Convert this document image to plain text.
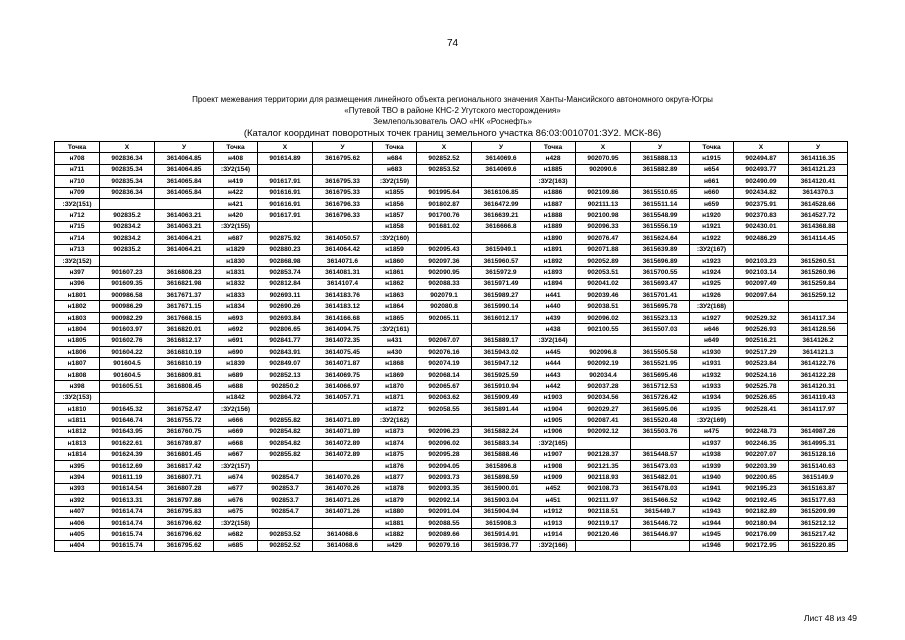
74
Проект межевания территории для размещения линейного объекта регионального значения Ханты-Мансийского автономного округа-Югры
«Путевой ТВО в районе КНС-2 Угутского месторождения»
Землепользователь ОАО «НК «Роснефть»
(Каталог координат поворотных точек границ земельного участка 86:03:0010701:ЗУ2. МСК-86)
Точка	Х	У	Точка	Х	У	Точка	Х	У	Точка	Х	У	Точка	Х	У
н708	902836.34	3614064.85	н408	901614.89	3616795.62	н684	902852.52	3614069.6	н428	902070.95	3615888.13	н1915	902494.87	3614116.35
н711	902835.34	3614064.85	:ЗУ2(154)			н683	902853.52	3614069.6	н1885	902090.6	3615882.89	н654	902493.77	3614121.23
н710	902835.34	3614065.84	н419	901617.91	3616795.33	:ЗУ2(159)			:ЗУ2(163)			н661	902490.09	3614120.41
н709	902836.34	3614065.84	н422	901616.91	3616795.33	н1855	901995.64	3616106.85	н1886	902109.86	3615510.65	н660	902434.82	3614370.3
:ЗУ2(151)			н421	901616.91	3616796.33	н1856	901802.87	3616472.99	н1887	902111.13	3615511.14	н659	902375.91	3614528.66
н712	902835.2	3614063.21	н420	901617.91	3616796.33	н1857	901700.76	3616639.21	н1888	902100.98	3615548.99	н1920	902370.83	3614527.72
н715	902834.2	3614063.21	:ЗУ2(155)			н1858	901681.02	3616666.8	н1889	902096.33	3615556.19	н1921	902430.01	3614368.88
н714	902834.2	3614064.21	н687	902875.92	3614050.57	:ЗУ2(160)			н1890	902076.47	3615624.64	н1922	902486.29	3614114.45
н713	902835.2	3614064.21	н1829	902880.23	3614064.42	н1859	902095.43	3615949.1	н1891	902071.88	3615639.89	:ЗУ2(167)		
:ЗУ2(152)			н1830	902868.98	3614071.6	н1860	902097.36	3615960.57	н1892	902052.89	3615696.89	н1923	902103.23	3615260.51
н397	901607.23	3616808.23	н1831	902853.74	3614081.31	н1861	902090.95	3615972.9	н1893	902053.51	3615700.55	н1924	902103.14	3615260.96
н396	901609.35	3616821.98	н1832	902812.84	3614107.4	н1862	902088.33	3615971.49	н1894	902041.02	3615693.47	н1925	902097.49	3615259.84
н1801	900986.58	3617671.37	н1833	902693.11	3614183.76	н1863	902079.1	3615989.27	н441	902039.46	3615701.41	н1926	902097.64	3615259.12
н1802	900986.29	3617671.15	н1834	902690.26	3614183.12	н1864	902080.8	3615990.14	н440	902038.51	3615695.78	:ЗУ2(168)		
н1803	900982.29	3617668.15	н693	902693.84	3614166.68	н1865	902065.11	3616012.17	н439	902096.02	3615523.13	н1927	902529.32	3614117.34
н1804	901603.97	3616820.01	н692	902806.65	3614094.75	:ЗУ2(161)			н438	902100.55	3615507.03	н646	902526.93	3614128.56
н1805	901602.76	3616812.17	н691	902841.77	3614072.35	н431	902067.07	3615889.17	:ЗУ2(164)			н649	902516.21	3614126.2
н1806	901604.22	3616810.19	н690	902843.91	3614075.45	н430	902076.16	3615943.02	н445	902096.8	3615505.58	н1930	902517.29	3614121.3
н1807	901604.5	3616810.19	н1839	902849.07	3614071.87	н1868	902074.19	3615947.12	н444	902092.19	3615521.95	н1931	902523.84	3614122.76
н1808	901604.5	3616809.81	н689	902852.13	3614069.75	н1869	902068.14	3615925.59	н443	902034.4	3615695.46	н1932	902524.16	3614122.28
н398	901605.51	3616808.45	н688	902850.2	3614066.97	н1870	902065.67	3615910.94	н442	902037.28	3615712.53	н1933	902525.78	3614120.31
:ЗУ2(153)			н1842	902864.72	3614057.71	н1871	902063.62	3615909.49	н1903	902034.56	3615726.42	н1934	902526.65	3614119.43
н1810	901645.32	3616752.47	:ЗУ2(156)			н1872	902058.55	3615891.44	н1904	902029.27	3615695.06	н1935	902528.41	3614117.97
н1811	901646.74	3616755.72	н666	902855.82	3614071.89	:ЗУ2(162)			н1905	902087.41	3615520.48	:ЗУ2(169)		
н1812	901643.95	3616760.75	н669	902854.82	3614071.89	н1873	902096.23	3615882.24	н1906	902092.12	3615503.76	н475	902248.73	3614987.26
н1813	901622.61	3616789.87	н668	902854.82	3614072.89	н1874	902096.02	3615883.34	:ЗУ2(165)			н1937	902246.35	3614995.31
н1814	901624.39	3616801.45	н667	902855.82	3614072.89	н1875	902095.28	3615888.46	н1907	902128.37	3615448.57	н1938	902207.07	3615128.16
н395	901612.69	3616817.42	:ЗУ2(157)			н1876	902094.05	3615896.8	н1908	902121.35	3615473.03	н1939	902203.39	3615140.63
н394	901611.19	3616807.71	н674	902854.7	3614070.26	н1877	902093.73	3615898.59	н1909	902118.93	3615482.01	н1940	902200.65	3615149.9
н393	901614.54	3616807.28	н677	902853.7	3614070.26	н1878	902093.35	3615900.01	н452	902108.73	3615478.03	н1941	902195.23	3615163.87
н392	901613.31	3616797.86	н676	902853.7	3614071.26	н1879	902092.14	3615903.04	н451	902111.97	3615466.52	н1942	902192.45	3615177.63
н407	901614.74	3616795.83	н675	902854.7	3614071.26	н1880	902091.04	3615904.94	н1912	902118.51	3615449.7	н1943	902182.89	3615209.99
н406	901614.74	3616796.62	:ЗУ2(158)			н1881	902088.55	3615908.3	н1913	902119.17	3615446.72	н1944	902180.94	3615212.12
н405	901615.74	3616796.62	н682	902853.52	3614068.6	н1882	902089.66	3615914.91	н1914	902120.46	3615446.97	н1945	902176.09	3615217.42
н404	901615.74	3616795.62	н685	902852.52	3614068.6	н429	902079.16	3615936.77	:ЗУ2(166)			н1946	902172.95	3615220.85
Лист 48 из 49
